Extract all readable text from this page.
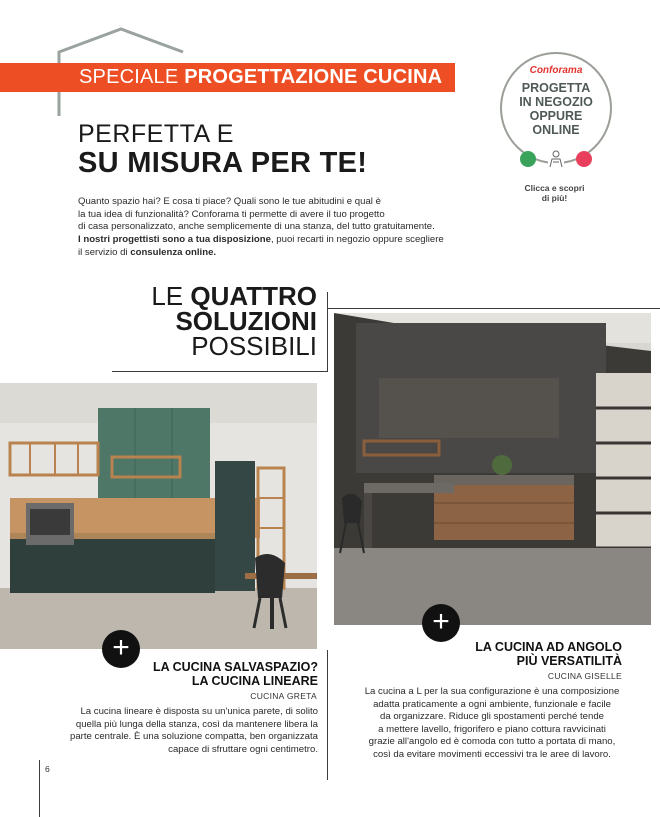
SPECIALE PROGETTAZIONE CUCINA
PERFETTA E
SU MISURA PER TE!
Quanto spazio hai? E cosa ti piace? Quali sono le tue abitudini e qual è
la tua idea di funzionalità? Conforama ti permette di avere il tuo progetto
di casa personalizzato, anche semplicemente di una stanza, del tutto gratuitamente.
I nostri progettisti sono a tua disposizione, puoi recarti in negozio oppure scegliere
il servizio di consulenza online.
Conforama
PROGETTA
IN NEGOZIO
OPPURE
ONLINE
Clicca e scopri
di più!
LE QUATTRO
SOLUZIONI
POSSIBILI
+
+
LA CUCINA SALVASPAZIO?
LA CUCINA LINEARE
CUCINA GRETA
La cucina lineare è disposta su un'unica parete, di solito
quella più lunga della stanza, così da mantenere libera la
parte centrale. È una soluzione compatta, ben organizzata
capace di sfruttare ogni centimetro.
LA CUCINA AD ANGOLO
PIÙ VERSATILITÀ
CUCINA GISELLE
La cucina a L per la sua configurazione è una composizione
adatta praticamente a ogni ambiente, funzionale e facile
da organizzare. Riduce gli spostamenti perché tende
a mettere lavello, frigorifero e piano cottura ravvicinati
grazie all'angolo ed è comoda con tutto a portata di mano,
così da evitare movimenti eccessivi tra le aree di lavoro.
6
